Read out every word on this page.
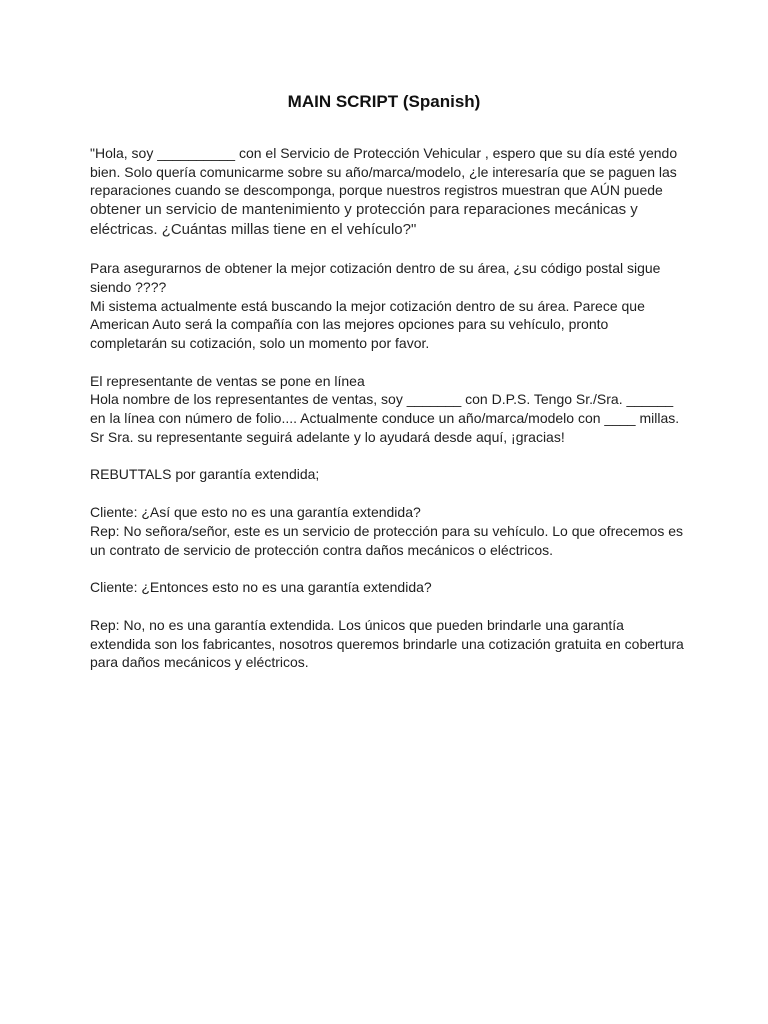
MAIN SCRIPT (Spanish)
"Hola, soy __________ con el Servicio de Protección Vehicular , espero que su día esté yendo
bien. Solo quería comunicarme sobre su año/marca/modelo, ¿le interesaría que se paguen las
reparaciones cuando se descomponga, porque nuestros registros muestran que AÚN puede
obtener un servicio de mantenimiento y protección para reparaciones mecánicas y
eléctricas. ¿Cuántas millas tiene en el vehículo?"
Para asegurarnos de obtener la mejor cotización dentro de su área, ¿su código postal sigue
siendo ????
Mi sistema actualmente está buscando la mejor cotización dentro de su área. Parece que
American Auto será la compañía con las mejores opciones para su vehículo, pronto
completarán su cotización, solo un momento por favor.
El representante de ventas se pone en línea
Hola nombre de los representantes de ventas, soy _______ con D.P.S. Tengo Sr./Sra. ______
en la línea con número de folio.... Actualmente conduce un año/marca/modelo con ____ millas.
Sr Sra. su representante seguirá adelante y lo ayudará desde aquí, ¡gracias!
REBUTTALS por garantía extendida;
Cliente: ¿Así que esto no es una garantía extendida?
Rep: No señora/señor, este es un servicio de protección para su vehículo. Lo que ofrecemos es
un contrato de servicio de protección contra daños mecánicos o eléctricos.
Cliente: ¿Entonces esto no es una garantía extendida?
Rep: No, no es una garantía extendida. Los únicos que pueden brindarle una garantía
extendida son los fabricantes, nosotros queremos brindarle una cotización gratuita en cobertura
para daños mecánicos y eléctricos.
